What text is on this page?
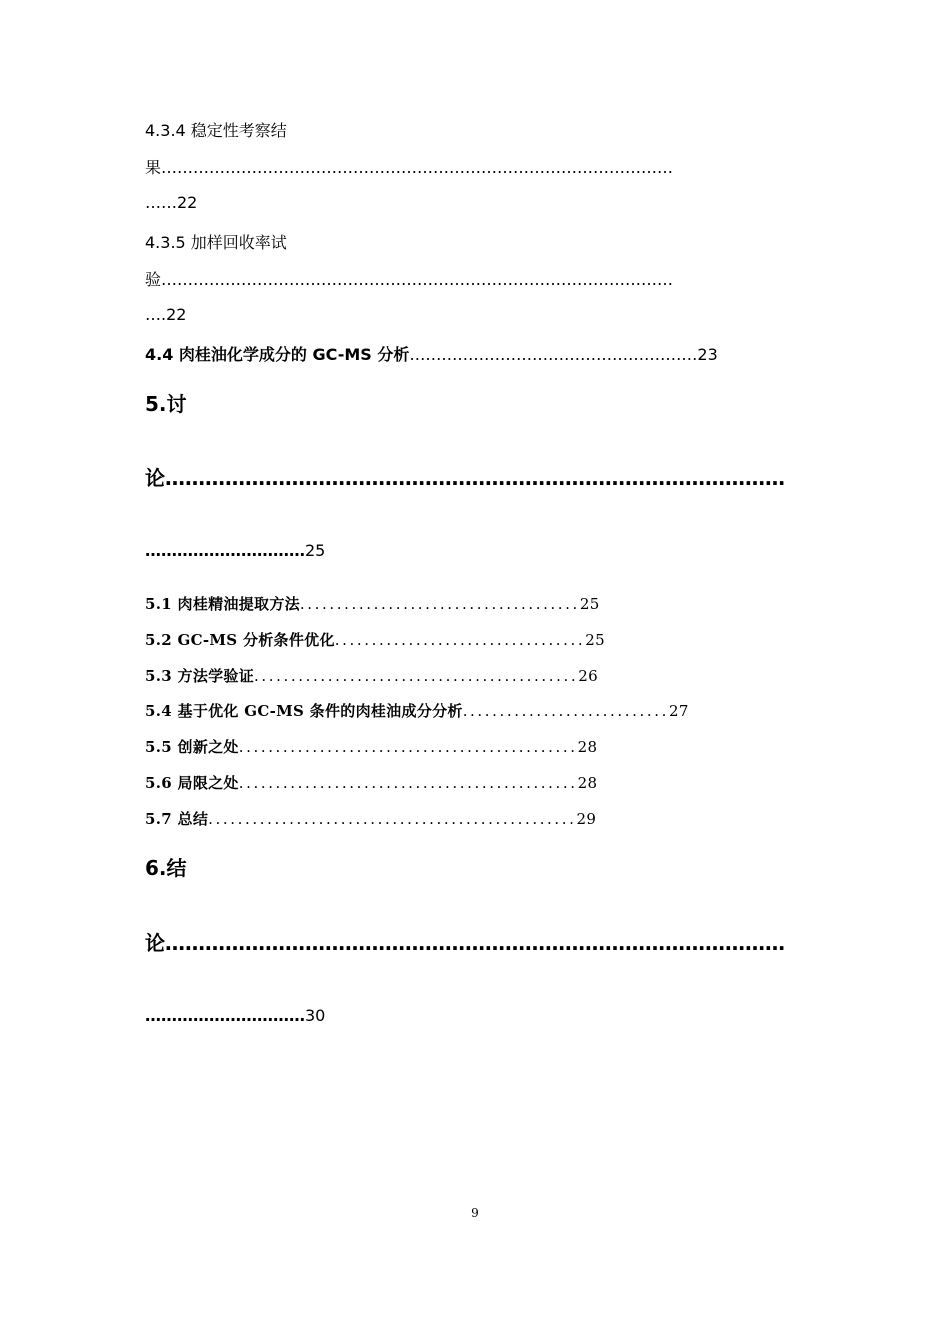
4.3.4 稳定性考察结
果……………………………………………………………………………………
……22
4.3.5 加样回收率试
验……………………………………………………………………………………
….22
4.4 肉桂油化学成分的 GC-MS 分析………………………………………………23
5.讨
论…………………………………………………………………………………
…………………………25
5.1 肉桂精油提取方法......................................25
5.2 GC-MS 分析条件优化..................................25
5.3 方法学验证............................................26
5.4 基于优化 GC-MS 条件的肉桂油成分分析............................27
5.5 创新之处..............................................28
5.6 局限之处..............................................28
5.7 总结..................................................29
6.结
论…………………………………………………………………………………
…………………………30
9
